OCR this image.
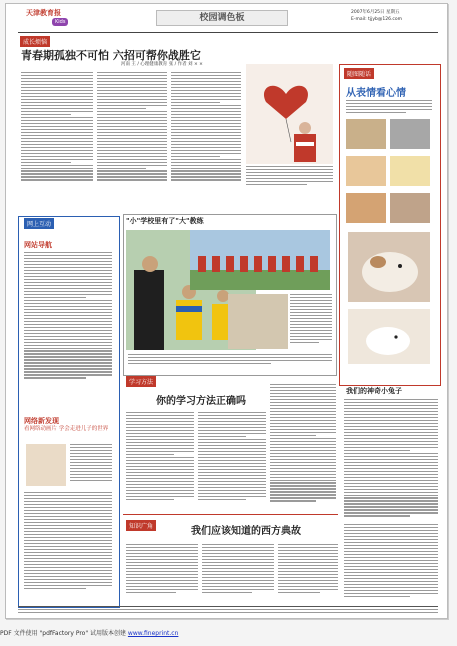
天津教育报
Kids	校园调色板
2007年6月25日 星期五
E-mail: tjjyb@126.com
成长烦恼
青春期孤独不可怕 六招可帮你战胜它
河南 王 / 心理健康教育 张 / 作者 刘 × ×
随图随话
从表情看心情
网上互动
网站导航
网络新发现
看网络动画片 学会走进儿子的世界
"小"学校里有了"大"教练
学习方法
你的学习方法正确吗
我们的神奇小兔子
知识广角	我们应该知道的西方典故
PDF 文件使用 "pdfFactory Pro" 试用版本创建 www.fineprint.cn
